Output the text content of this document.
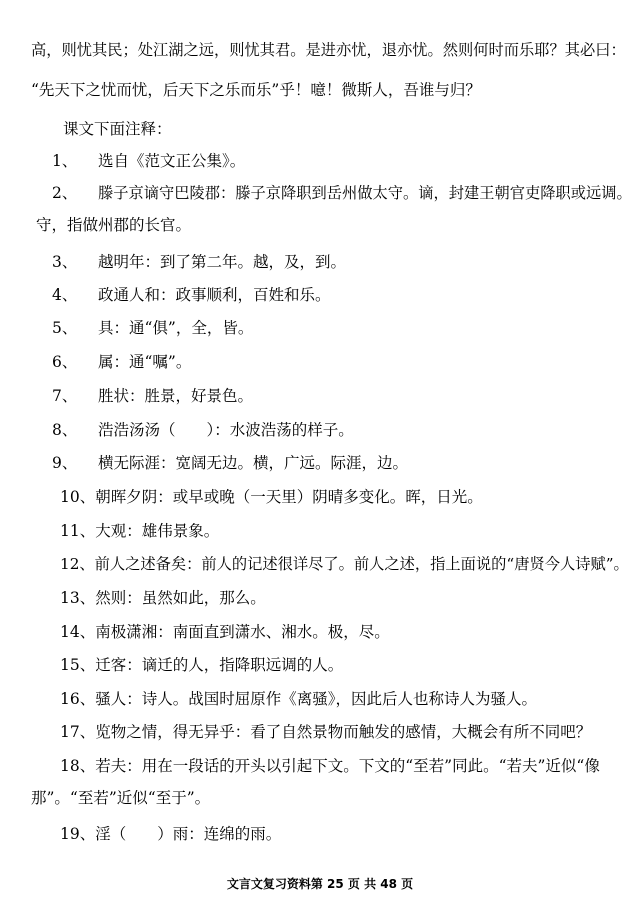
高，则忧其民；处江湖之远，则忧其君。是进亦忧，退亦忧。然则何时而乐耶？其必曰：
“先天下之忧而忧，后天下之乐而乐”乎！噫！微斯人，吾谁与归？
课文下面注释：
1、 选自《范文正公集》。
2、 滕子京谪守巴陵郡：滕子京降职到岳州做太守。谪，封建王朝官吏降职或远调。
守，指做州郡的长官。
3、 越明年：到了第二年。越，及，到。
4、 政通人和：政事顺利，百姓和乐。
5、 具：通“俱”，全，皆。
6、 属：通“嘱”。
7、 胜状：胜景，好景色。
8、 浩浩汤汤（　　）：水波浩荡的样子。
9、 横无际涯：宽阔无边。横，广远。际涯，边。
10、朝晖夕阴：或早或晚（一天里）阴晴多变化。晖，日光。
11、大观：雄伟景象。
12、前人之述备矣：前人的记述很详尽了。前人之述，指上面说的“唐贤今人诗赋”。
13、然则：虽然如此，那么。
14、南极潇湘：南面直到潇水、湘水。极，尽。
15、迁客：谪迁的人，指降职远调的人。
16、骚人：诗人。战国时屈原作《离骚》，因此后人也称诗人为骚人。
17、览物之情，得无异乎：看了自然景物而触发的感情，大概会有所不同吧？
18、若夫：用在一段话的开头以引起下文。下文的“至若”同此。“若夫”近似“像
那”。“至若”近似“至于”。
19、淫（　　）雨：连绵的雨。
文言文复习资料第 25 页 共 48 页
